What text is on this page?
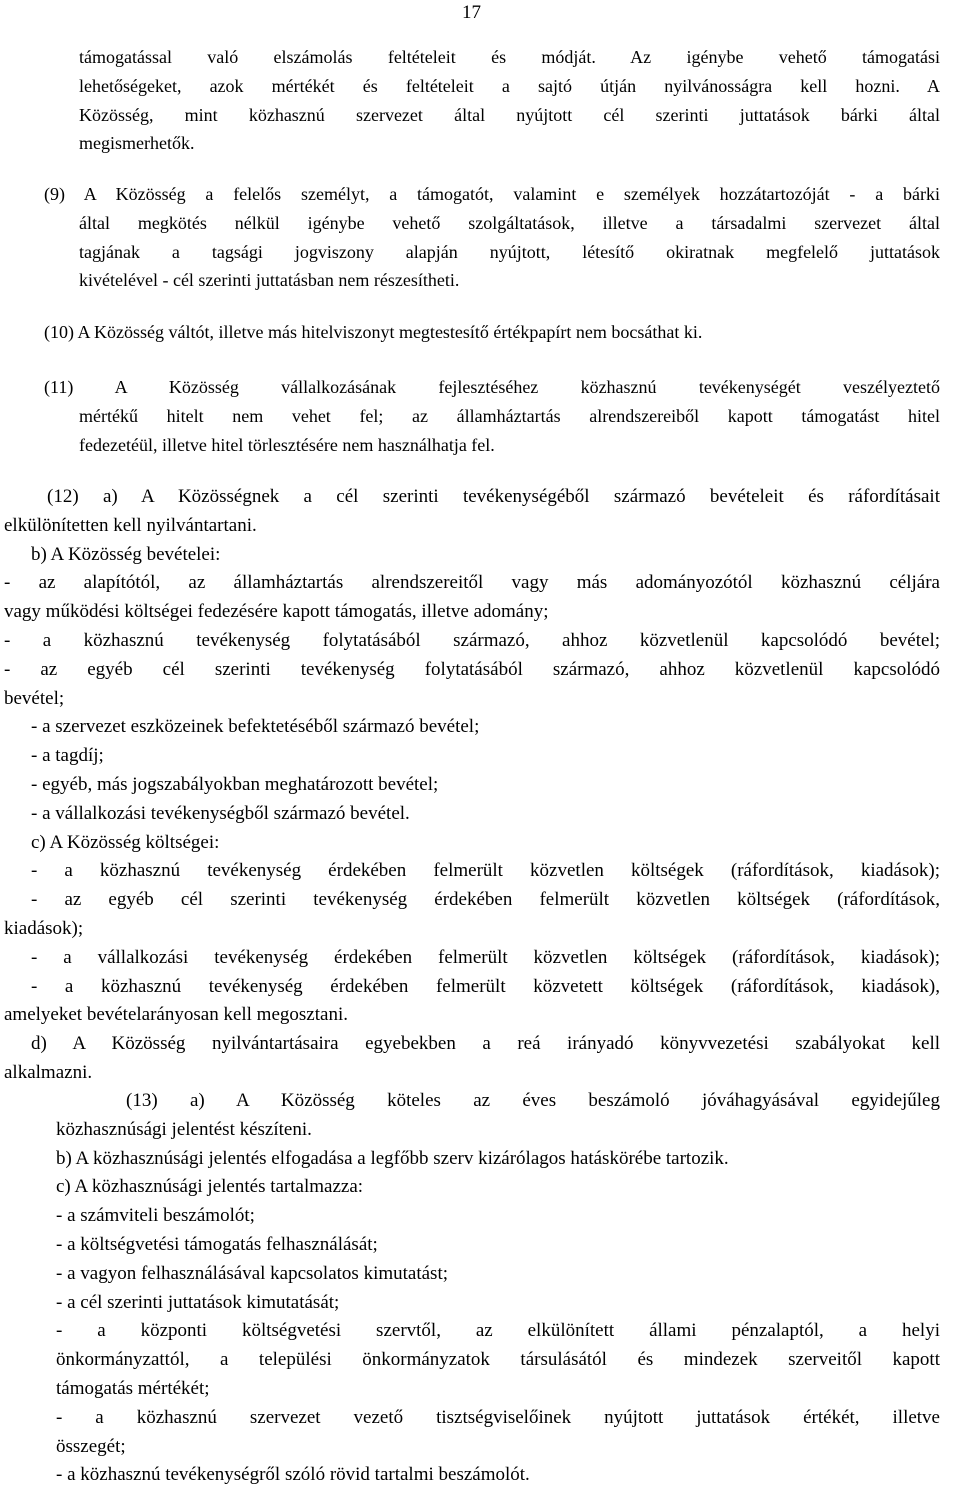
17
támogatással való elszámolás feltételeit és módját. Az igénybe vehető támogatási
lehetőségeket, azok mértékét és feltételeit a sajtó útján nyilvánosságra kell hozni. A
Közösség, mint közhasznú szervezet által nyújtott cél szerinti juttatások bárki által
megismerhetők.
(9) A Közösség a felelős személyt, a támogatót, valamint e személyek hozzátartozóját - a bárki
által megkötés nélkül igénybe vehető szolgáltatások, illetve a társadalmi szervezet által
tagjának a tagsági jogviszony alapján nyújtott, létesítő okiratnak megfelelő juttatások
kivételével - cél szerinti juttatásban nem részesítheti.
(10) A Közösség váltót, illetve más hitelviszonyt megtestesítő értékpapírt nem bocsáthat ki.
(11) A Közösség vállalkozásának fejlesztéséhez közhasznú tevékenységét veszélyeztető
mértékű hitelt nem vehet fel; az államháztartás alrendszereiből kapott támogatást hitel
fedezetéül, illetve hitel törlesztésére nem használhatja fel.
(12) a) A Közösségnek a cél szerinti tevékenységéből származó bevételeit és ráfordításait
elkülönítetten kell nyilvántartani.
b) A Közösség bevételei:
- az alapítótól, az államháztartás alrendszereitől vagy más adományozótól közhasznú céljára
vagy működési költségei fedezésére kapott támogatás, illetve adomány;
- a közhasznú tevékenység folytatásából származó, ahhoz közvetlenül kapcsolódó bevétel;
- az egyéb cél szerinti tevékenység folytatásából származó, ahhoz közvetlenül kapcsolódó
bevétel;
- a szervezet eszközeinek befektetéséből származó bevétel;
- a tagdíj;
- egyéb, más jogszabályokban meghatározott bevétel;
- a vállalkozási tevékenységből származó bevétel.
c) A Közösség költségei:
- a közhasznú tevékenység érdekében felmerült közvetlen költségek (ráfordítások, kiadások);
- az egyéb cél szerinti tevékenység érdekében felmerült közvetlen költségek (ráfordítások,
kiadások);
- a vállalkozási tevékenység érdekében felmerült közvetlen költségek (ráfordítások, kiadások);
- a közhasznú tevékenység érdekében felmerült közvetett költségek (ráfordítások, kiadások),
amelyeket bevételarányosan kell megosztani.
d) A Közösség nyilvántartásaira egyebekben a reá irányadó könyvvezetési szabályokat kell
alkalmazni.
(13) a) A Közösség köteles az éves beszámoló jóváhagyásával egyidejűleg
közhasznúsági jelentést készíteni.
b) A közhasznúsági jelentés elfogadása a legfőbb szerv kizárólagos hatáskörébe tartozik.
c) A közhasznúsági jelentés tartalmazza:
- a számviteli beszámolót;
- a költségvetési támogatás felhasználását;
- a vagyon felhasználásával kapcsolatos kimutatást;
- a cél szerinti juttatások kimutatását;
- a központi költségvetési szervtől, az elkülönített állami pénzalaptól, a helyi
önkormányzattól, a települési önkormányzatok társulásától és mindezek szerveitől kapott
támogatás mértékét;
- a közhasznú szervezet vezető tisztségviselőinek nyújtott juttatások értékét, illetve
összegét;
- a közhasznú tevékenységről szóló rövid tartalmi beszámolót.
